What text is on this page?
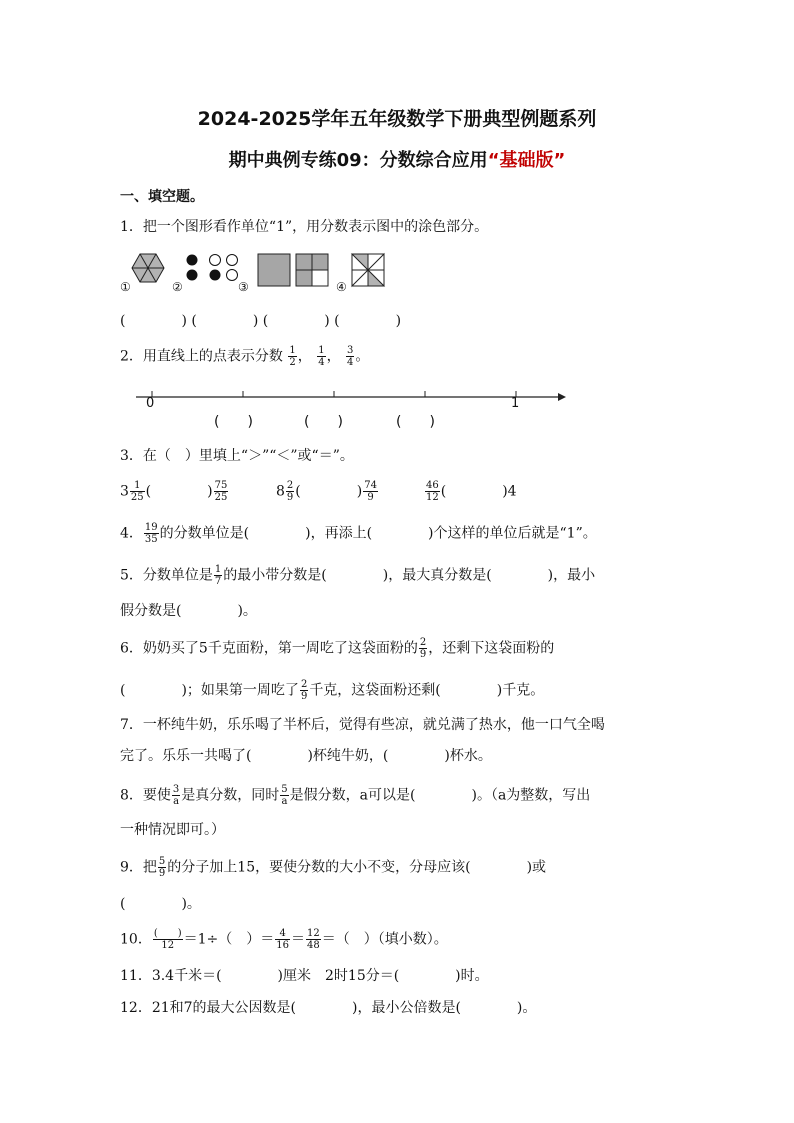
2024-2025学年五年级数学下册典型例题系列
期中典例专练09：分数综合应用“基础版”
一、填空题。
1．把一个图形看作单位“1”，用分数表示图中的涂色部分。
①	②	③	④
(　　　　) (　　　　) (　　　　) (　　　　)
2．用直线上的点表示分数 $\frac{1}{2}$ ， $\frac{1}{4}$ ， $\frac{3}{4}$ 。
0	1
(　　)	(　　)	(　　)
3．在（　）里填上“＞”“＜”或“＝”。
$3 \frac{1}{25}$ (　　　　) $\frac{75}{25}$	$8 \frac{2}{9}$ (　　　　) $\frac{74}{9}$	$\frac{46}{12}$ (　　　　)4
4． $\frac{19}{35}$ 的分数单位是(　　　　)，再添上(　　　　)个这样的单位后就是“1”。
5．分数单位是 $\frac{1}{7}$ 的最小带分数是(　　　　)，最大真分数是(　　　　)，最小
假分数是(　　　　)。
6．奶奶买了5千克面粉，第一周吃了这袋面粉的 $\frac{2}{9}$ ，还剩下这袋面粉的
(　　　　)；如果第一周吃了 $\frac{2}{9}$ 千克，这袋面粉还剩(　　　　)千克。
7．一杯纯牛奶，乐乐喝了半杯后，觉得有些凉，就兑满了热水，他一口气全喝
完了。乐乐一共喝了(　　　　)杯纯牛奶，(　　　　)杯水。
8．要使 $\frac{3}{a}$ 是真分数，同时 $\frac{5}{a}$ 是假分数，a可以是(　　　　)。（a为整数，写出
一种情况即可。）
9．把 $\frac{5}{9}$ 的分子加上15，要使分数的大小不变，分母应该(　　　　)或
(　　　　)。
10． (　　)
12 ＝1÷（　）＝ $\frac{4}{16} = \frac{12}{48}$ ＝（　）（填小数）。
11．3.4千米＝(　　　　)厘米　2时15分＝(　　　　)时。
12．21和7的最大公因数是(　　　　)，最小公倍数是(　　　　)。
